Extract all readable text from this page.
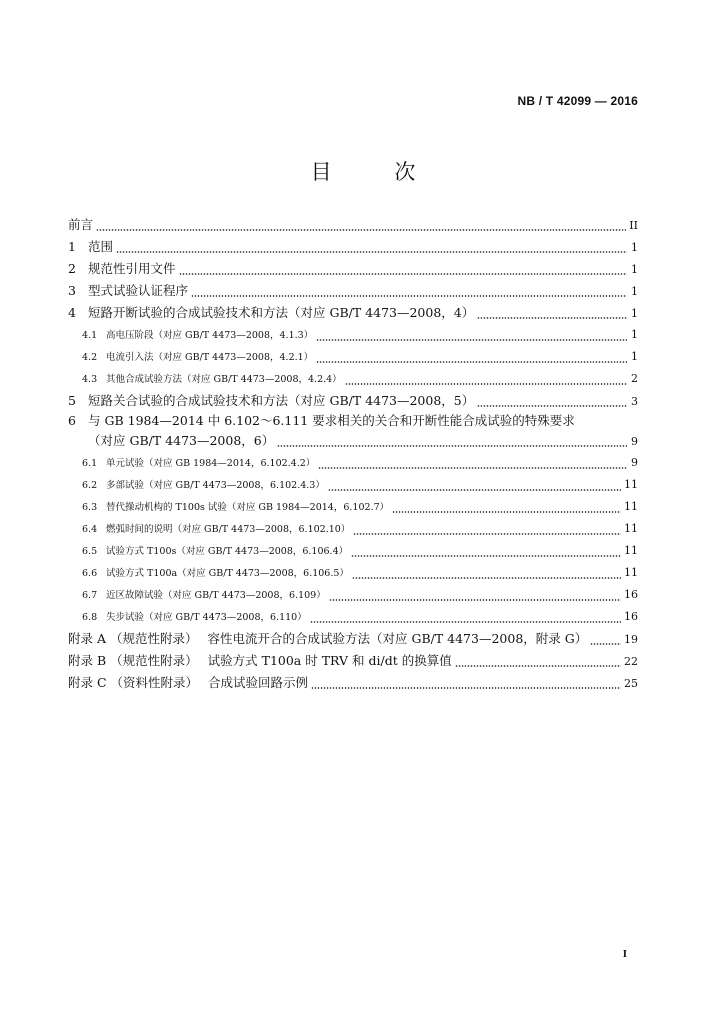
NB / T 42099 — 2016
目 次
前言	II
1 范围	1
2 规范性引用文件	1
3 型式试验认证程序	1
4 短路开断试验的合成试验技术和方法（对应 GB/T 4473—2008，4）	1
4.1 高电压阶段（对应 GB/T 4473—2008，4.1.3）	1
4.2 电流引入法（对应 GB/T 4473—2008，4.2.1）	1
4.3 其他合成试验方法（对应 GB/T 4473—2008，4.2.4）	2
5 短路关合试验的合成试验技术和方法（对应 GB/T 4473—2008，5）	3
6 与 GB 1984—2014 中 6.102～6.111 要求相关的关合和开断性能合成试验的特殊要求
（对应 GB/T 4473—2008，6）	9
6.1 单元试验（对应 GB 1984—2014，6.102.4.2）	9
6.2 多部试验（对应 GB/T 4473—2008，6.102.4.3）	11
6.3 替代操动机构的 T100s 试验（对应 GB 1984—2014，6.102.7）	11
6.4 燃弧时间的说明（对应 GB/T 4473—2008，6.102.10）	11
6.5 试验方式 T100s（对应 GB/T 4473—2008，6.106.4）	11
6.6 试验方式 T100a（对应 GB/T 4473—2008，6.106.5）	11
6.7 近区故障试验（对应 GB/T 4473—2008，6.109）	16
6.8 失步试验（对应 GB/T 4473—2008，6.110）	16
附录 A （规范性附录） 容性电流开合的合成试验方法（对应 GB/T 4473—2008，附录 G）	19
附录 B （规范性附录） 试验方式 T100a 时 TRV 和 di/dt 的换算值	22
附录 C （资料性附录） 合成试验回路示例	25
I
